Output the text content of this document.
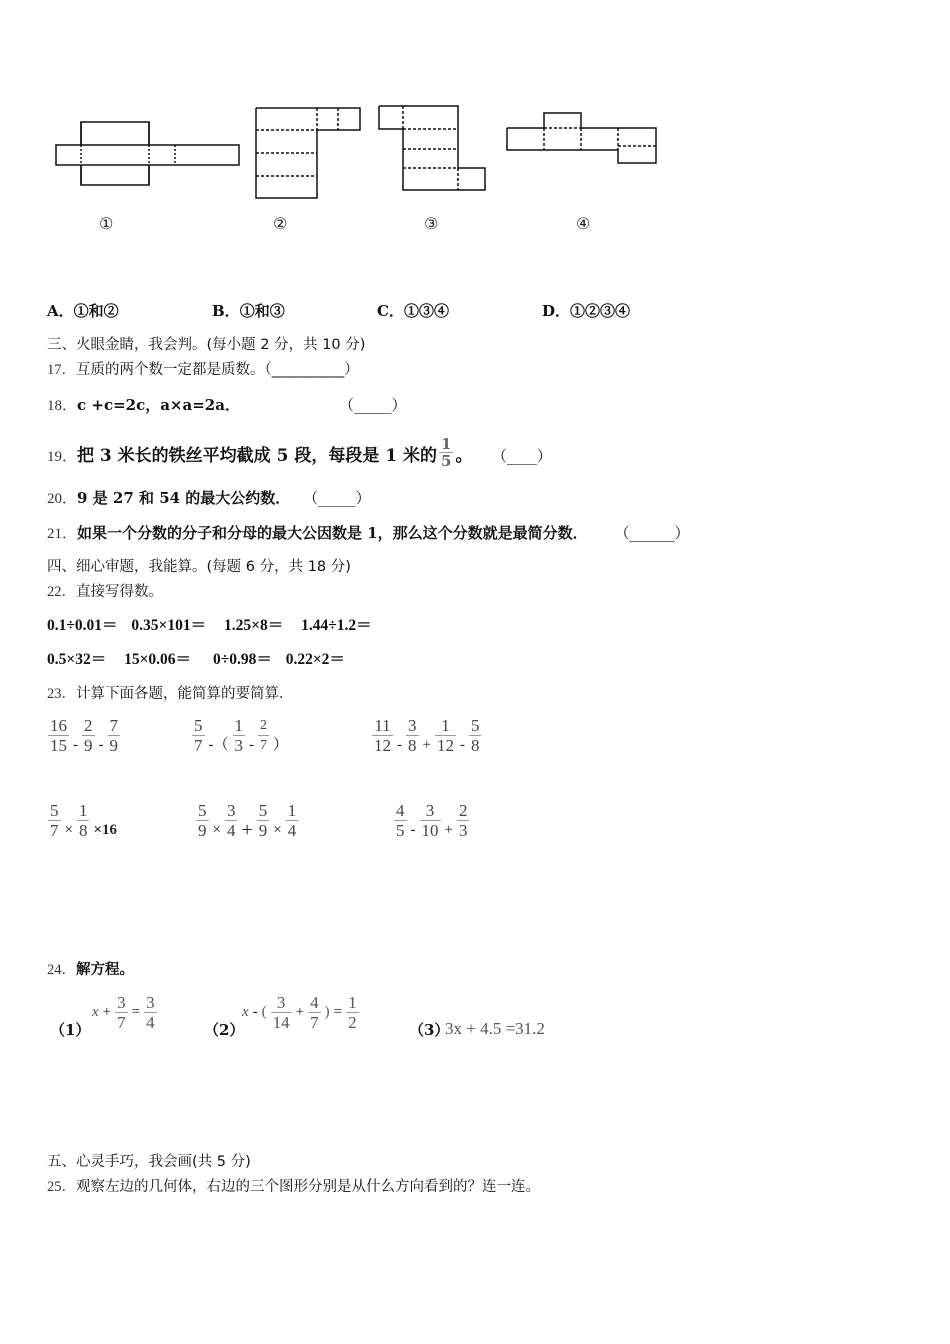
①	②	③	④
A．①和②	B．①和③	C．①③④	D．①②③④
三、火眼金睛，我会判。(每小题 2 分，共 10 分)
17．互质的两个数一定都是质数。（__________）
18．c +c=2c，a×a=2a．	（_____）
19．把 3 米长的铁丝平均截成 5 段，每段是 1 米的 $\frac{1}{5}$ 。 （____）
20．9 是 27 和 54 的最大公约数． （_____）
21．如果一个分数的分子和分母的最大公因数是 1，那么这个分数就是最简分数． （______）
四、细心审题，我能算。(每题 6 分，共 18 分)
22．直接写得数。
0.1÷0.01＝ 0.35×101＝ 1.25×8＝ 1.44÷1.2＝
0.5×32＝ 15×0.06＝ 0÷0.98＝ 0.22×2＝
23．计算下面各题，能简算的要简算．
$\frac{16}{15} - \frac{2}{9} - \frac{7}{9}$	$\frac{5}{7}$ -（ $\frac{1}{3} - \frac{2}{7}$ ）	$\frac{11}{12} - \frac{3}{8} + \frac{1}{12} - \frac{5}{8}$
$\frac{5}{7} \times \frac{1}{8} \times 16$	$\frac{5}{9} \times \frac{3}{4} + \frac{5}{9} \times \frac{1}{4}$	$\frac{4}{5} - \frac{3}{10} + \frac{2}{3}$
24．解方程。
（1）
$x + \frac{3}{7} = \frac{3}{4}$	（2）
x - ( $\frac{3}{14} + \frac{4}{7}$ ) = $\frac{1}{2}$	（3）
3x + 4.5 =31.2
五、心灵手巧，我会画(共 5 分)
25．观察左边的几何体，右边的三个图形分别是从什么方向看到的？连一连。
